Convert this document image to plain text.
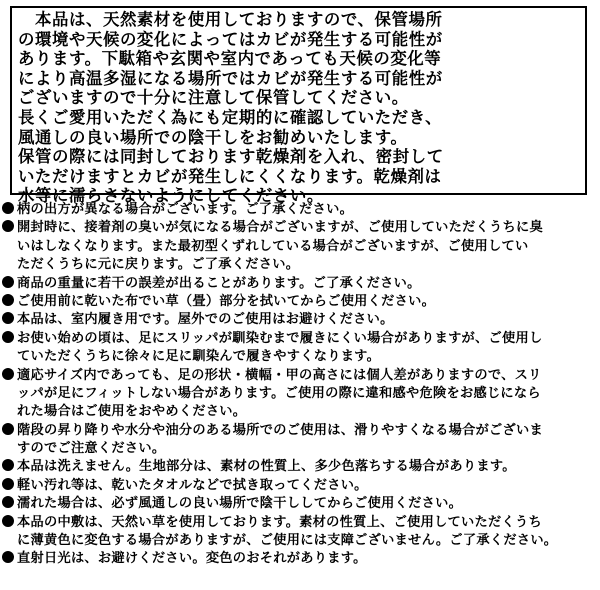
　本品は、天然素材を使用しておりますので、保管場所
の環境や天候の変化によってはカビが発生する可能性が
あります。下駄箱や玄関や室内であっても天候の変化等
により高温多湿になる場所ではカビが発生する可能性が
ございますので十分に注意して保管してください。
長くご愛用いただく為にも定期的に確認していただき、
風通しの良い場所での陰干しをお勧めいたします。
保管の際には同封しております乾燥剤を入れ、密封して
いただけますとカビが発生しにくくなります。乾燥剤は
水等に濡らさないようにしてください。
柄の出方が異なる場合がございます。ご了承ください。
開封時に、接着剤の臭いが気になる場合がございますが、ご使用していただくうちに臭
いはしなくなります。また最初型くずれしている場合がございますが、ご使用してい
ただくうちに元に戻ります。ご了承ください。
商品の重量に若干の誤差が出ることがあります。ご了承ください。
ご使用前に乾いた布でい草（畳）部分を拭いてからご使用ください。
本品は、室内履き用です。屋外でのご使用はお避けください。
お使い始めの頃は、足にスリッパが馴染むまで履きにくい場合がありますが、ご使用し
ていただくうちに徐々に足に馴染んで履きやすくなります。
適応サイズ内であっても、足の形状・横幅・甲の高さには個人差がありますので、スリ
ッパが足にフィットしない場合があります。ご使用の際に違和感や危険をお感じになら
れた場合はご使用をおやめください。
階段の昇り降りや水分や油分のある場所でのご使用は、滑りやすくなる場合がございま
すのでご注意ください。
本品は洗えません。生地部分は、素材の性質上、多少色落ちする場合があります。
軽い汚れ等は、乾いたタオルなどで拭き取ってください。
濡れた場合は、必ず風通しの良い場所で陰干ししてからご使用ください。
本品の中敷は、天然い草を使用しております。素材の性質上、ご使用していただくうち
に薄黄色に変色する場合がありますが、ご使用には支障ございません。ご了承ください。
直射日光は、お避けください。変色のおそれがあります。
